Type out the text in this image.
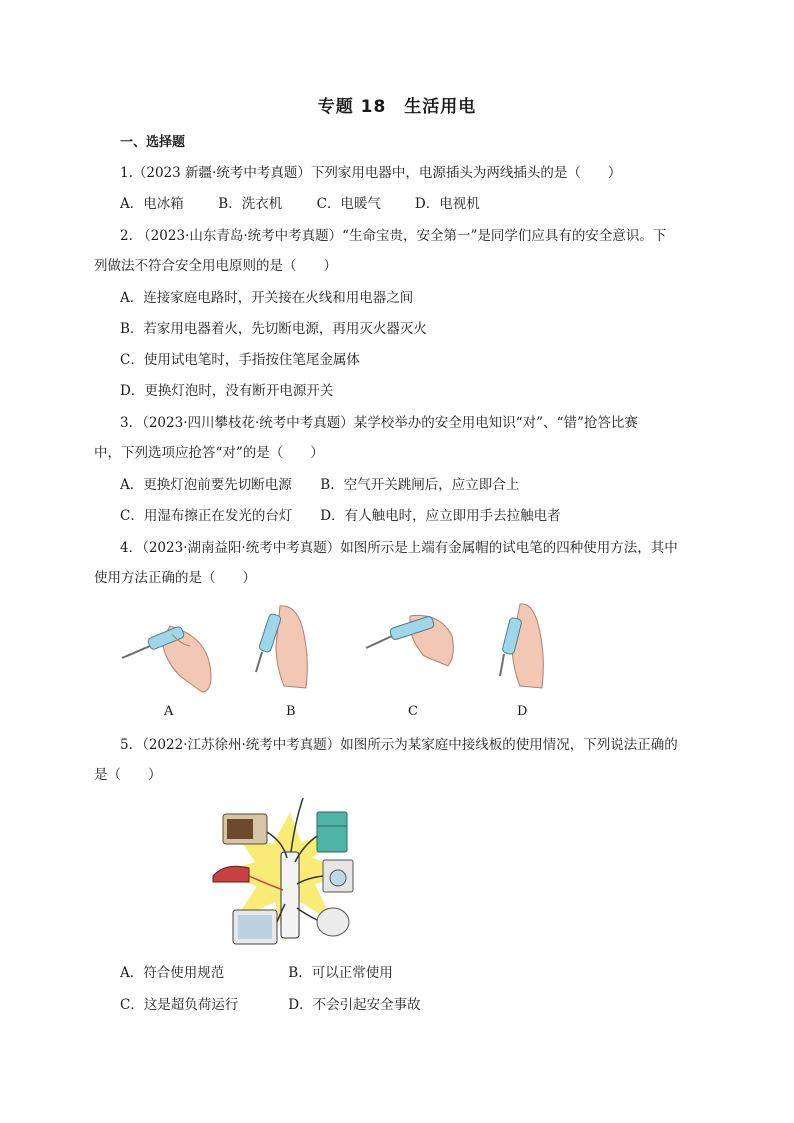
专题 18　生活用电
一、选择题
1.（2023 新疆·统考中考真题）下列家用电器中，电源插头为两线插头的是（　　）
A．电冰箱	B．洗衣机	C．电暖气	D．电视机
2. （2023·山东青岛·统考中考真题）“生命宝贵，安全第一”是同学们应具有的安全意识。下
列做法不符合安全用电原则的是（　　）
A．连接家庭电路时，开关接在火线和用电器之间
B．若家用电器着火，先切断电源，再用灭火器灭火
C．使用试电笔时，手指按住笔尾金属体
D．更换灯泡时，没有断开电源开关
3．（2023·四川攀枝花·统考中考真题）某学校举办的安全用电知识“对”、“错”抢答比赛
中，下列选项应抢答“对”的是（　　）
A．更换灯泡前要先切断电源 B．空气开关跳闸后，应立即合上
C．用湿布擦正在发光的台灯 D．有人触电时，应立即用手去拉触电者
4．（2023·湖南益阳·统考中考真题）如图所示是上端有金属帽的试电笔的四种使用方法，其中
使用方法正确的是（　　）
A	B	C	D
5．（2022·江苏徐州·统考中考真题）如图所示为某家庭中接线板的使用情况，下列说法正确的
是（　　）
A．符合使用规范	B．可以正常使用
C．这是超负荷运行	D．不会引起安全事故
